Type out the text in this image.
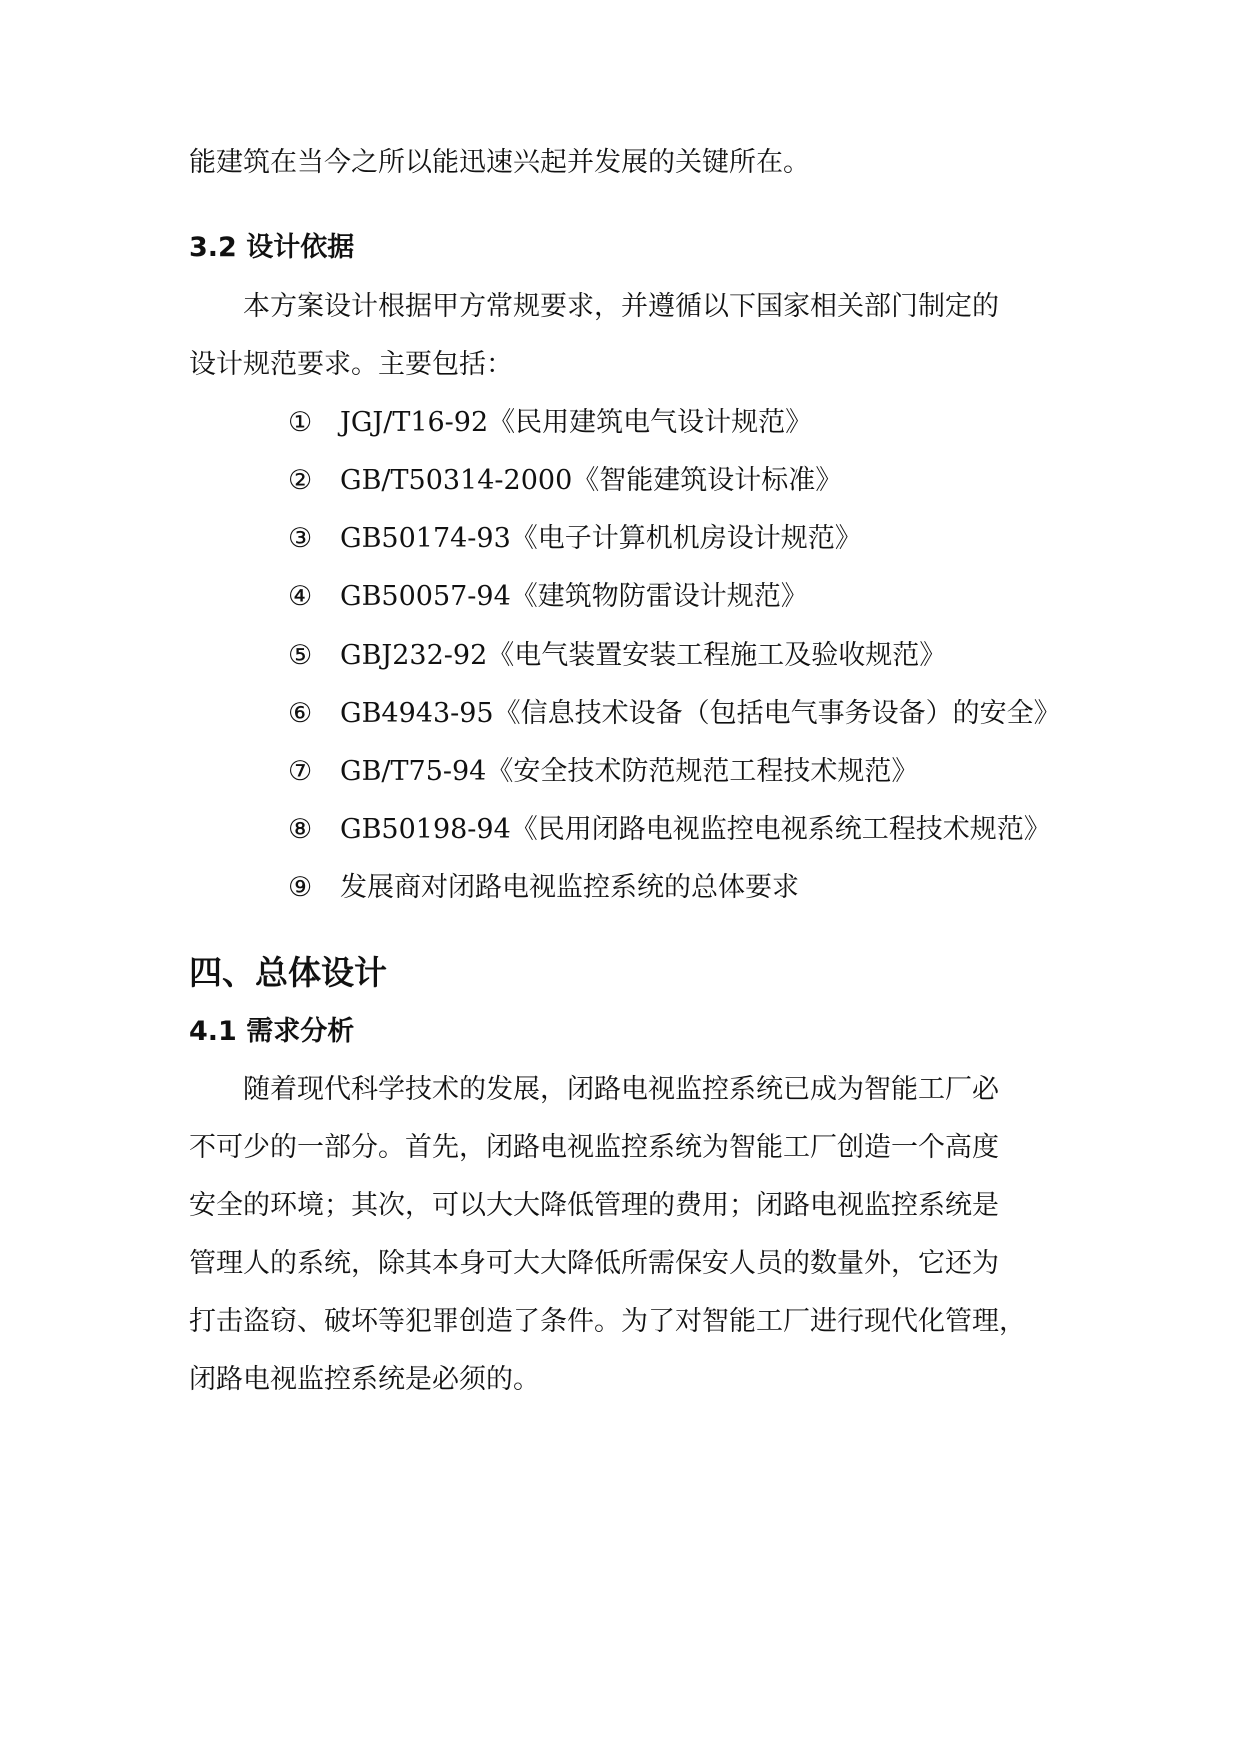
能建筑在当今之所以能迅速兴起并发展的关键所在。
3.2 设计依据
本方案设计根据甲方常规要求，并遵循以下国家相关部门制定的
设计规范要求。主要包括：
① JGJ/T16-92《民用建筑电气设计规范》
② GB/T50314-2000《智能建筑设计标准》
③ GB50174-93《电子计算机机房设计规范》
④ GB50057-94《建筑物防雷设计规范》
⑤ GBJ232-92《电气装置安装工程施工及验收规范》
⑥ GB4943-95《信息技术设备（包括电气事务设备）的安全》
⑦ GB/T75-94《安全技术防范规范工程技术规范》
⑧ GB50198-94《民用闭路电视监控电视系统工程技术规范》
⑨ 发展商对闭路电视监控系统的总体要求
四、总体设计
4.1 需求分析
随着现代科学技术的发展，闭路电视监控系统已成为智能工厂必
不可少的一部分。首先，闭路电视监控系统为智能工厂创造一个高度
安全的环境；其次，可以大大降低管理的费用；闭路电视监控系统是
管理人的系统，除其本身可大大降低所需保安人员的数量外，它还为
打击盗窃、破坏等犯罪创造了条件。为了对智能工厂进行现代化管理，
闭路电视监控系统是必须的。
